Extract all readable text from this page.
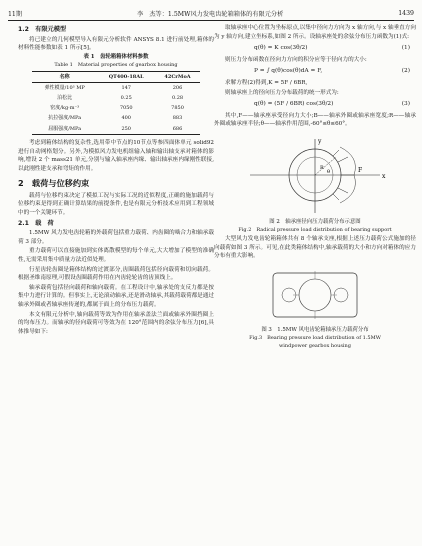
11期	李　杰等：1.5MW风力发电齿轮箱箱体的有限元分析	1439
1.2　有限元模型

将已建立的几何模型导入有限元分析软件 ANSYS 8.1 进行前处理,箱体的材料性能参数如表 1 所示[5]。

表 1　齿轮箱箱体材料参数
Table 1　Material properties of gearbox housing
名称	QT400-18AL	42CrMoA
弹性模量/10³ MP	147	206
泊松比	0.25	0.28
密度/kg·m⁻³	7050	7850
抗拉强度/MPa	400	883
屈服强度/MPa	250	686

考虑到箱体结构的复杂性,选用带中节点的10节点等参四面体单元 solid92 进行自动网格划分。另外,为模拟风力发电机组输入轴和输出轴支承对箱体的影响,增设 2 个 mass21 单元,分别与输入轴承座内缘、输出轴承座内缘刚性联接,以此刚性建支承和弯矩的作用。

2　载荷与位移约束

载荷与位移约束决定了模拟工况与实际工况的近似程度,正确的施加载荷与位移约束是得到正确计算结果的前提条件,也是有限元分析技术应用到工程领域中的一个关键环节。

2.1　载　荷

1.5MW 风力发电齿轮箱的外载荷包括重力载荷、内齿圈的啮合力和轴承载荷 3 部分。

重力载荷可以直接施加到实体离散模型的每个单元,大大增加了模型的准确性,无需采用集中质量方法近似处理。

行星齿轮齿圈是箱体结构的过渡部分,齿圈载荷包括径向载荷和切向载荷。根据圣维南原理,可假设齿圈载荷作用在内齿轮轮齿的齿顶线上。

轴承载荷包括径向载荷和轴向载荷。在工程设计中,轴承处的支反力都是按集中力进行计算的。但事实上,无论滚动轴承,还是滑动轴承,其载荷载荷都是通过轴承外圈或者轴承座传递的,都属于面上的分布压力载荷。

本文有限元分析中,轴向载荷等效为作用在轴承盖法兰面或轴承外圈挡圈上的均布压力。而轴承的径向载荷可等效为在 120°范围内的余弦分布压力[6],具体推导如下:

取轴承座中心位置为坐标原点,以集中径向力方向为 x 轴方向,与 x 轴垂直方向为 y 轴方向,建立坐标系,如图 2 所示。设轴承座处的余弦分布压力函数为(1)式:

q(θ) = K cos(3θ/2)	(1)

则压力分布函数在径向力方向的积分应等于径向力的大小:

P = ∫ q(θ)cos(θ)dA = F,	(2)

求解方程(2)得到,K = 5F / 6BR,

则轴承座上的径向压力分布载荷的统一形式为:

q(θ) = (5F / 6BR) cos(3θ/2)	(3)

其中,F——轴承座承受径向力大小;B——轴承外圈或轴承座宽度;R——轴承外圈或轴承座半径;θ——轴承作用范围,-60°≤θ≤60°。

x
y
F
R
θ
图 2　轴承座径向压力载荷分布示意图
Fig.2　Radical pressure load distribution of bearing support

大型风力发电齿轮箱箱体共有 8 个轴承支座,根据上述压力载荷公式施加的径向载荷如图 3 所示。可见,在此类箱体结构中,轴承载荷的大小和方向对箱体的应力分布有重大影响。

图 3　1.5MW 风电齿轮箱轴承压力载荷分布
Fig.3　Bearing pressure load distribution of 1.5MW
windpower gearbox housing
